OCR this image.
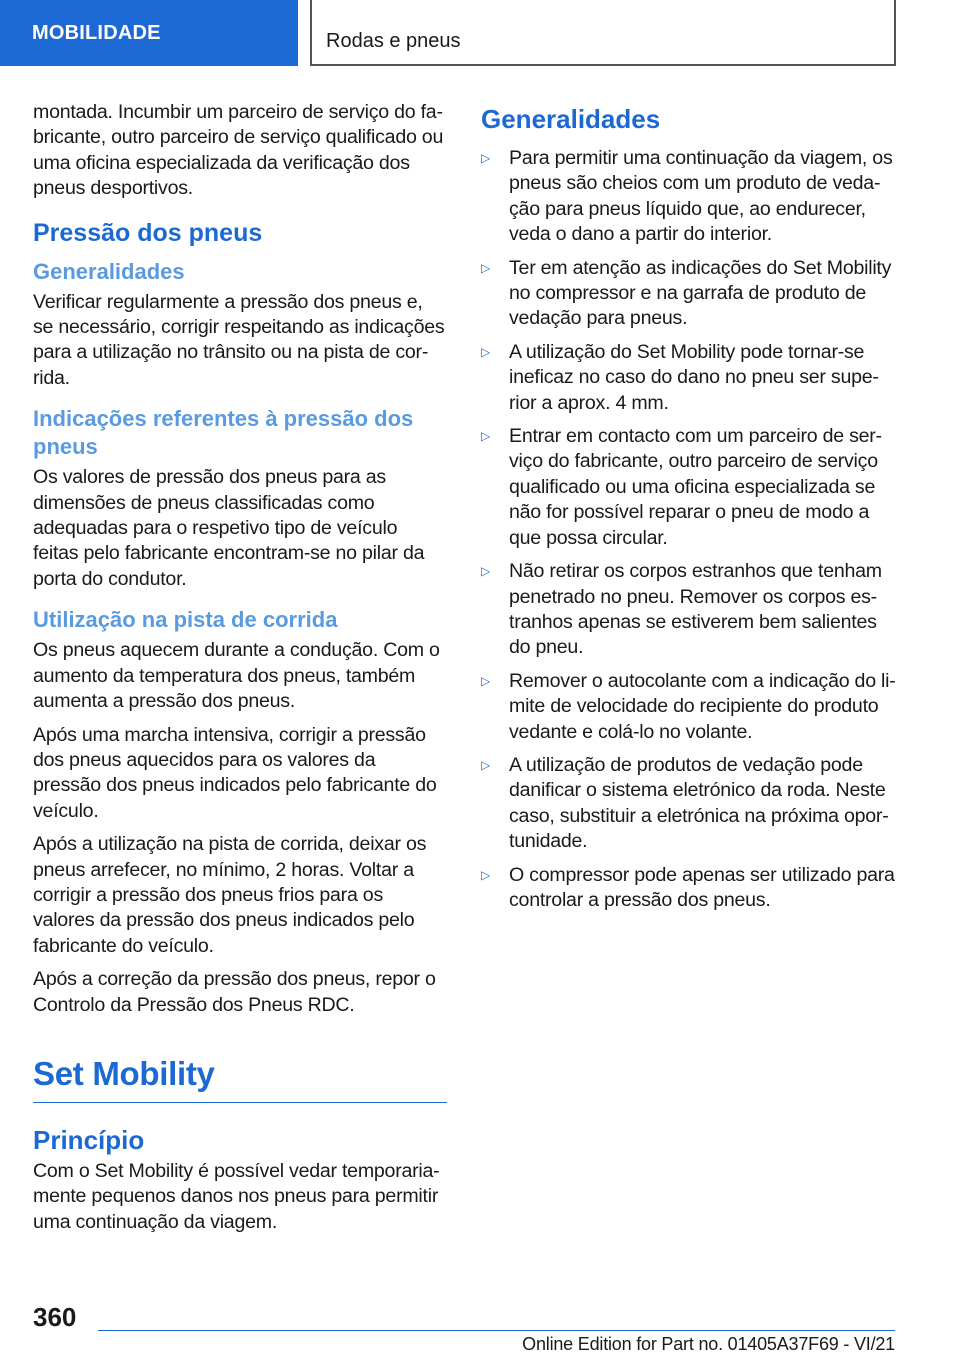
MOBILIDADE	Rodas e pneus

montada. Incumbir um parceiro de serviço do fabricante, outro parceiro de serviço qualificado ou uma oficina especializada da verificação dos pneus desportivos.

Pressão dos pneus
Generalidades

Verificar regularmente a pressão dos pneus e, se necessário, corrigir respeitando as indicações para a utilização no trânsito ou na pista de corrida.

Indicações referentes à pressão dos pneus

Os valores de pressão dos pneus para as dimensões de pneus classificadas como adequadas para o respetivo tipo de veículo feitas pelo fabricante encontram-se no pilar da porta do condutor.

Utilização na pista de corrida

Os pneus aquecem durante a condução. Com o aumento da temperatura dos pneus, também aumenta a pressão dos pneus.

Após uma marcha intensiva, corrigir a pressão dos pneus aquecidos para os valores da pressão dos pneus indicados pelo fabricante do veículo.

Após a utilização na pista de corrida, deixar os pneus arrefecer, no mínimo, 2 horas. Voltar a corrigir a pressão dos pneus frios para os valores da pressão dos pneus indicados pelo fabricante do veículo.

Após a correção da pressão dos pneus, repor o Controlo da Pressão dos Pneus RDC.

Set Mobility
Princípio

Com o Set Mobility é possível vedar temporariamente pequenos danos nos pneus para permitir uma continuação da viagem.

Generalidades
▷ Para permitir uma continuação da viagem, os pneus são cheios com um produto de vedação para pneus líquido que, ao endurecer, veda o dano a partir do interior.
▷ Ter em atenção as indicações do Set Mobility no compressor e na garrafa de produto de vedação para pneus.
▷ A utilização do Set Mobility pode tornar-se ineficaz no caso do dano no pneu ser superior a aprox. 4 mm.
▷ Entrar em contacto com um parceiro de serviço do fabricante, outro parceiro de serviço qualificado ou uma oficina especializada se não for possível reparar o pneu de modo a que possa circular.
▷ Não retirar os corpos estranhos que tenham penetrado no pneu. Remover os corpos estranhos apenas se estiverem bem salientes do pneu.
▷ Remover o autocolante com a indicação do limite de velocidade do recipiente do produto vedante e colá-lo no volante.
▷ A utilização de produtos de vedação pode danificar o sistema eletrónico da roda. Neste caso, substituir a eletrónica na próxima oportunidade.
▷ O compressor pode apenas ser utilizado para controlar a pressão dos pneus.
360
Online Edition for Part no. 01405A37F69 - VI/21
